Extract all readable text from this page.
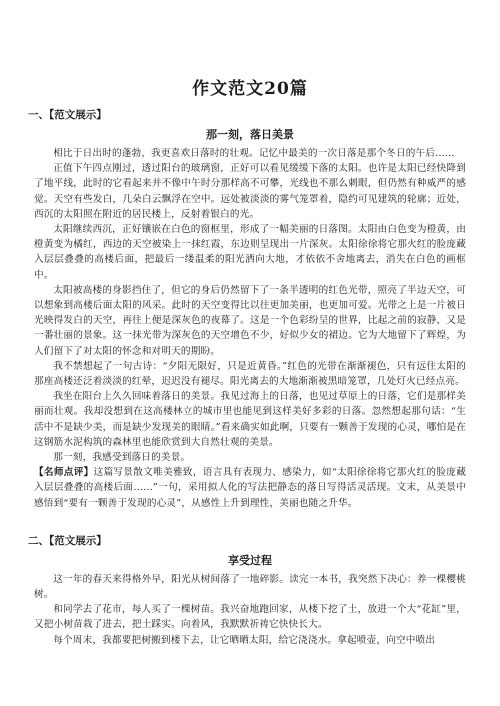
作文范文20篇
一、【范文展示】
那一刻，落日美景

相比于日出时的蓬勃，我更喜欢日落时的壮观。记忆中最美的一次日落是那个冬日的午后……

正值下午四点刚过，透过阳台的玻璃窗，正好可以看见缓缓下落的太阳。也许是太阳已经快降到了地平线，此时的它看起来并不像中午时分那样高不可攀，光线也不那么刺眼，但仍然有种威严的感觉。天空有些发白，几朵白云飘浮在空中。远处被淡淡的雾气笼罩着，隐约可见建筑的轮廓；近处，西沉的太阳照在附近的居民楼上，反射着银白的光。

太阳继续西沉，正好镶嵌在白色的窗框里，形成了一幅美丽的日落图。太阳由白色变为橙黄，由橙黄变为橘红，西边的天空被染上一抹红霞，东边则呈现出一片深灰。太阳徐徐将它那火红的脸庞藏入层层叠叠的高楼后面，把最后一缕温柔的阳光洒向大地，才依依不舍地离去，消失在白色的画框中。

太阳被高楼的身影挡住了，但它的身后仍然留下了一条半透明的红色光带，照亮了半边天空，可以想象到高楼后面太阳的风采。此时的天空变得比以往更加美丽，也更加可爱。光带之上是一片被日光映得发白的天空，再往上便是深灰色的夜幕了。这是一个色彩纷呈的世界，比起之前的寂静，又是一番壮丽的景象。这一抹光带为深灰色的天空增色不少，好似少女的裙边。它为大地留下了辉煌，为人们留下了对太阳的怀念和对明天的期盼。

我不禁想起了一句古诗：“夕阳无限好，只是近黄昏。”红色的光带在渐渐褪色，只有远住太阳的那座高楼还泛着淡淡的红晕，迟迟没有褪尽。阳光离去的大地渐渐被黑暗笼罩，几处灯火已经点亮。

我坐在阳台上久久回味着落日的美景。我见过海上的日落，也见过草原上的日落，它们是那样美丽而壮观。我却没想到在这高楼林立的城市里也能见到这样美好多彩的日落。忽然想起那句话：“生活中不是缺少美，而是缺少发现美的眼睛。”看来确实如此啊，只要有一颗善于发现的心灵，哪怕是在这钢筋水泥构筑的森林里也能欣赏到大自然壮观的美景。

那一刻，我感受到落日的美景。

【名师点评】这篇写景散文唯美雅致，语言具有表现力、感染力，如“太阳徐徐将它那火红的脸庞藏入层层叠叠的高楼后面……”一句，采用拟人化的写法把静态的落日写得活灵活现。文末，从美景中感悟到“要有一颗善于发现的心灵”，从感性上升到理性，美丽也随之升华。

二、【范文展示】
享受过程

这一年的春天来得格外早，阳光从树间落了一地碎影。读完一本书，我突然下决心：养一棵樱桃树。

和同学去了花市，每人买了一棵树苗。我兴奋地跑回家，从楼下挖了土，放进一个大“花缸”里，又把小树苗栽了进去，把土踩实。向着风，我默默祈祷它快快长大。

每个周末，我都要把树搬到楼下去，让它晒晒太阳，给它浇浇水。拿起喷壶，向空中喷出
